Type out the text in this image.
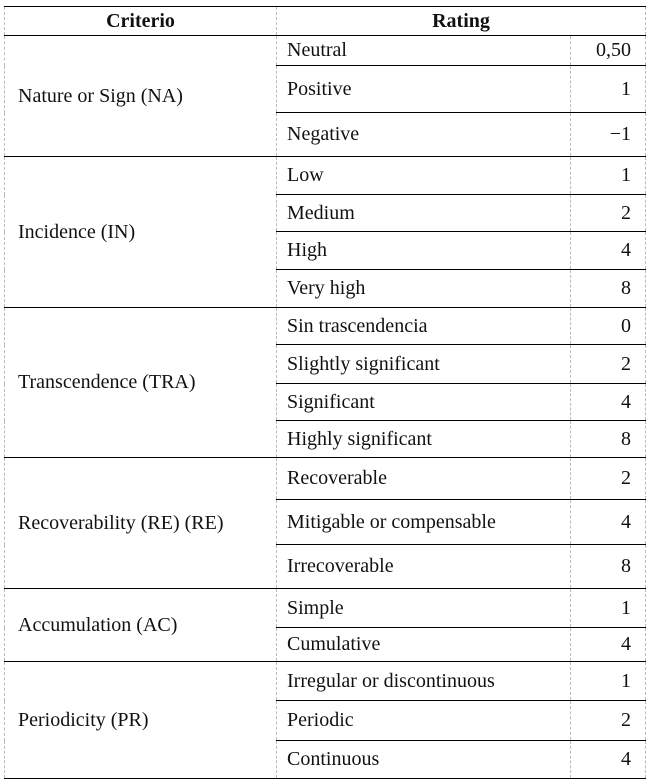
Criterio	Rating	
Nature or Sign (NA)	Neutral	0,50
	Positive	1
	Negative	−1
Incidence (IN)	Low	1
	Medium	2
	High	4
	Very high	8
Transcendence (TRA)	Sin trascendencia	0
	Slightly significant	2
	Significant	4
	Highly significant	8
Recoverability (RE) (RE)	Recoverable	2
	Mitigable or compensable	4
	Irrecoverable	8
Accumulation (AC)	Simple	1
	Cumulative	4
Periodicity (PR)	Irregular or discontinuous	1
	Periodic	2
	Continuous	4
